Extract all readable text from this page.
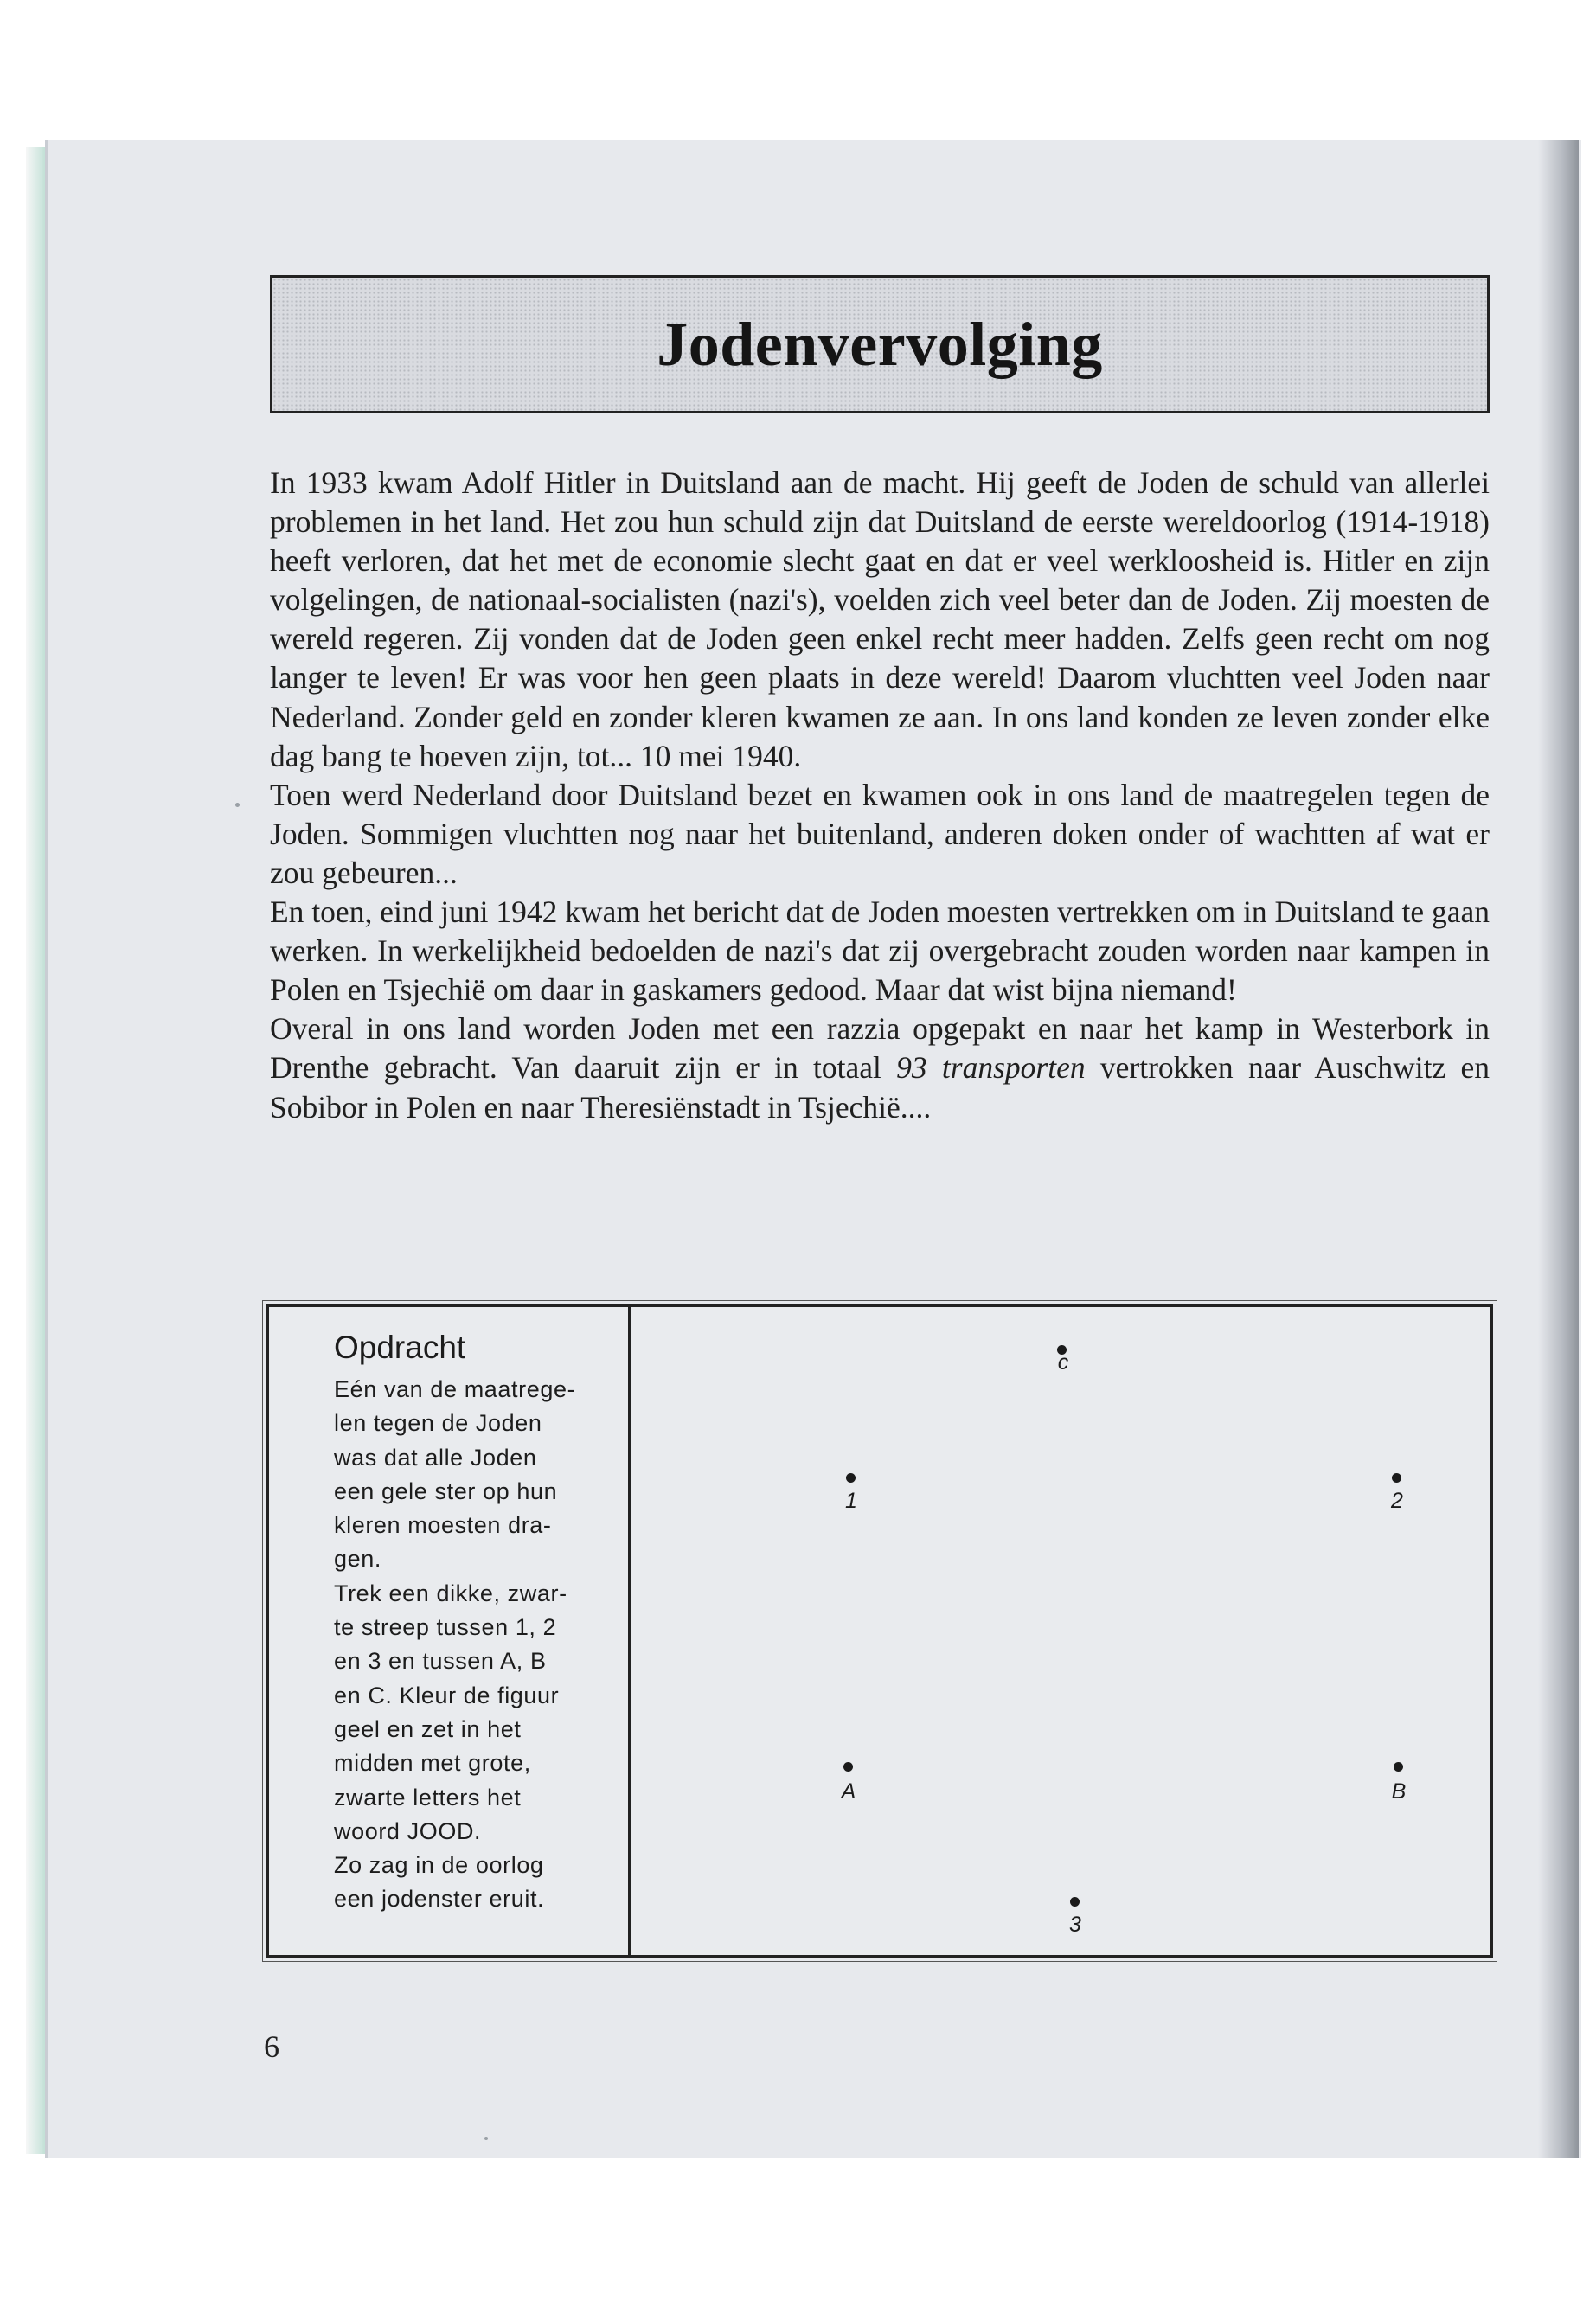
Jodenvervolging

In 1933 kwam Adolf Hitler in Duitsland aan de macht. Hij geeft de Joden de schuld van allerlei problemen in het land. Het zou hun schuld zijn dat Duitsland de eerste wereldoorlog (1914-1918) heeft verloren, dat het met de economie slecht gaat en dat er veel werkloosheid is. Hitler en zijn volgelingen, de nationaal-socialisten (nazi's), voelden zich veel beter dan de Joden. Zij moesten de wereld regeren. Zij vonden dat de Joden geen enkel recht meer hadden. Zelfs geen recht om nog langer te leven! Er was voor hen geen plaats in deze wereld! Daarom vluchtten veel Joden naar Nederland. Zonder geld en zonder kleren kwamen ze aan. In ons land konden ze leven zonder elke dag bang te hoeven zijn, tot... 10 mei 1940.

Toen werd Nederland door Duitsland bezet en kwamen ook in ons land de maatregelen tegen de Joden. Sommigen vluchtten nog naar het buitenland, anderen doken onder of wachtten af wat er zou gebeuren...

En toen, eind juni 1942 kwam het bericht dat de Joden moesten vertrekken om in Duitsland te gaan werken. In werkelijkheid bedoelden de nazi's dat zij overgebracht zouden worden naar kampen in Polen en Tsjechië om daar in gaskamers gedood. Maar dat wist bijna niemand!

Overal in ons land worden Joden met een razzia opgepakt en naar het kamp in Westerbork in Drenthe gebracht. Van daaruit zijn er in totaal 93 transporten vertrokken naar Auschwitz en Sobibor in Polen en naar Theresiënstadt in Tsjechië....

Opdracht

Eén van de maatrege-
len tegen de Joden
was dat alle Joden
een gele ster op hun
kleren moesten dra-
gen.
Trek een dikke, zwar-
te streep tussen 1, 2
en 3 en tussen A, B
en C. Kleur de figuur
geel en zet in het
midden met grote,
zwarte letters het
woord JOOD.
Zo zag in de oorlog
een jodenster eruit.

c
1	2
A	B
3
6
